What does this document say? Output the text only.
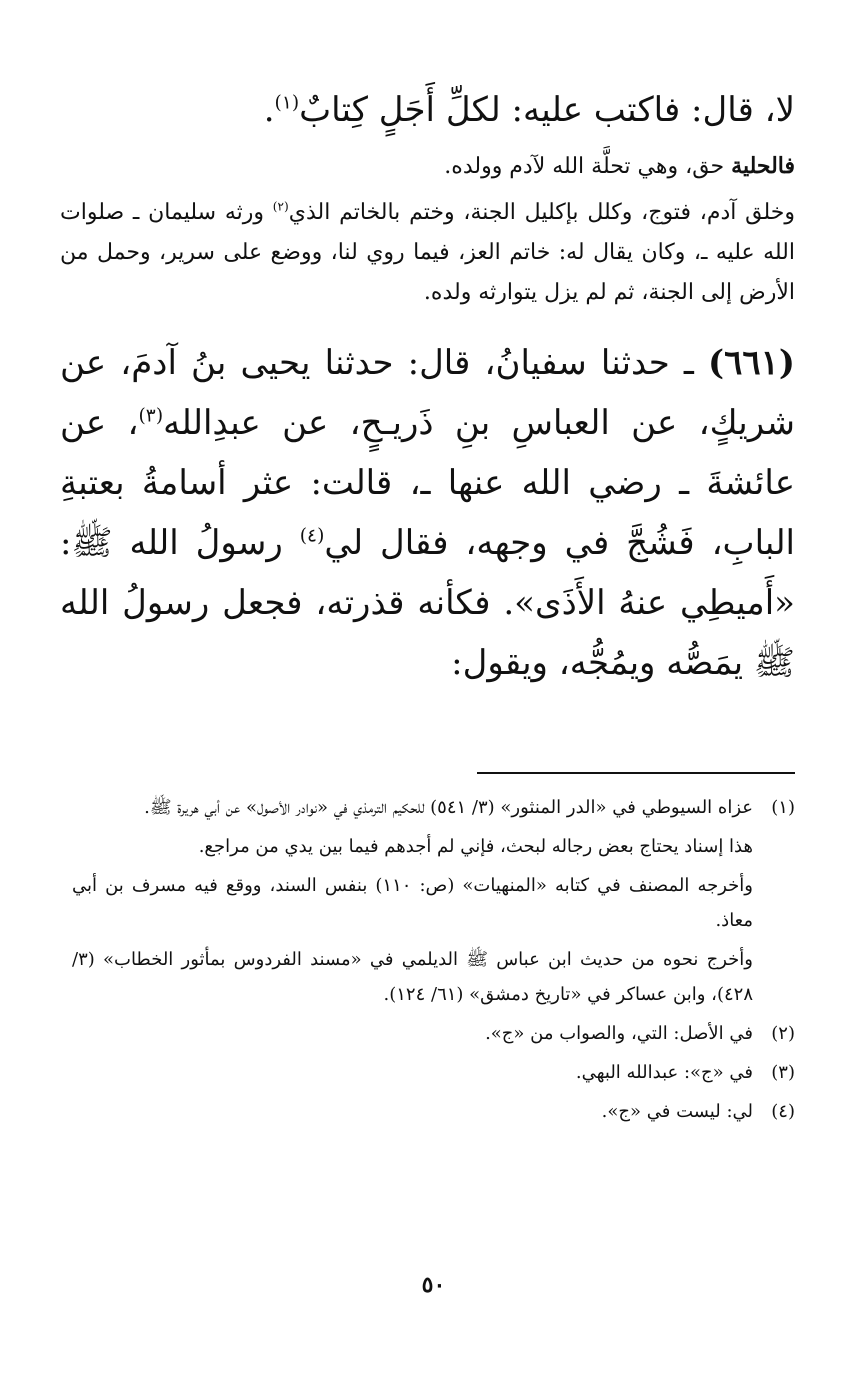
لا، قال: فاكتب عليه: لكلِّ أَجَلٍ كِتابٌ$^{(١)}$.

فالحلية حق، وهي تحلَّة الله لآدم وولده.

وخلق آدم، فتوج، وكلل بإكليل الجنة، وختم بالخاتم الذي$^{(٢)}$ ورثه سليمان ـ صلوات الله عليه ـ، وكان يقال له: خاتم العز، فيما روي لنا، ووضع على سرير، وحمل من الأرض إلى الجنة، ثم لم يزل يتوارثه ولده.

(٦٦١) ـ حدثنا سفيانُ، قال: حدثنا يحيى بنُ آدمَ، عن شريكٍ، عن العباسِ بنِ ذَريـحٍ، عن عبدِالله$^{(٣)}$، عن عائشةَ ـ رضي الله عنها ـ، قالت: عثر أسامةُ بعتبةِ البابِ، فَشُجَّ في وجهه، فقال لي$^{(٤)}$ رسولُ الله ﷺ: «أَميطِي عنهُ الأَذَى». فكأنه قذرته، فجعل رسولُ الله ﷺ يمَصُّه ويمُجُّه، ويقول:

(١)

عزاه السيوطي في «الدر المنثور» (٣/ ٥٤١) للحكيم الترمذي في «نوادر الأصول» عن أبي هريرة ﷺ.

هذا إسناد يحتاج بعض رجاله لبحث، فإني لم أجدهم فيما بين يدي من مراجع.

وأخرجه المصنف في كتابه «المنهيات» (ص: ١١٠) بنفس السند، ووقع فيه مسرف بن أبي معاذ.

وأخرج نحوه من حديث ابن عباس ﷺ الديلمي في «مسند الفردوس بمأثور الخطاب» (٣/ ٤٢٨)، وابن عساكر في «تاريخ دمشق» (٦١/ ١٢٤).

(٢)

في الأصل: التي، والصواب من «ج».

(٣)

في «ج»: عبدالله البهي.

(٤)

لي: ليست في «ج».

٥٠
